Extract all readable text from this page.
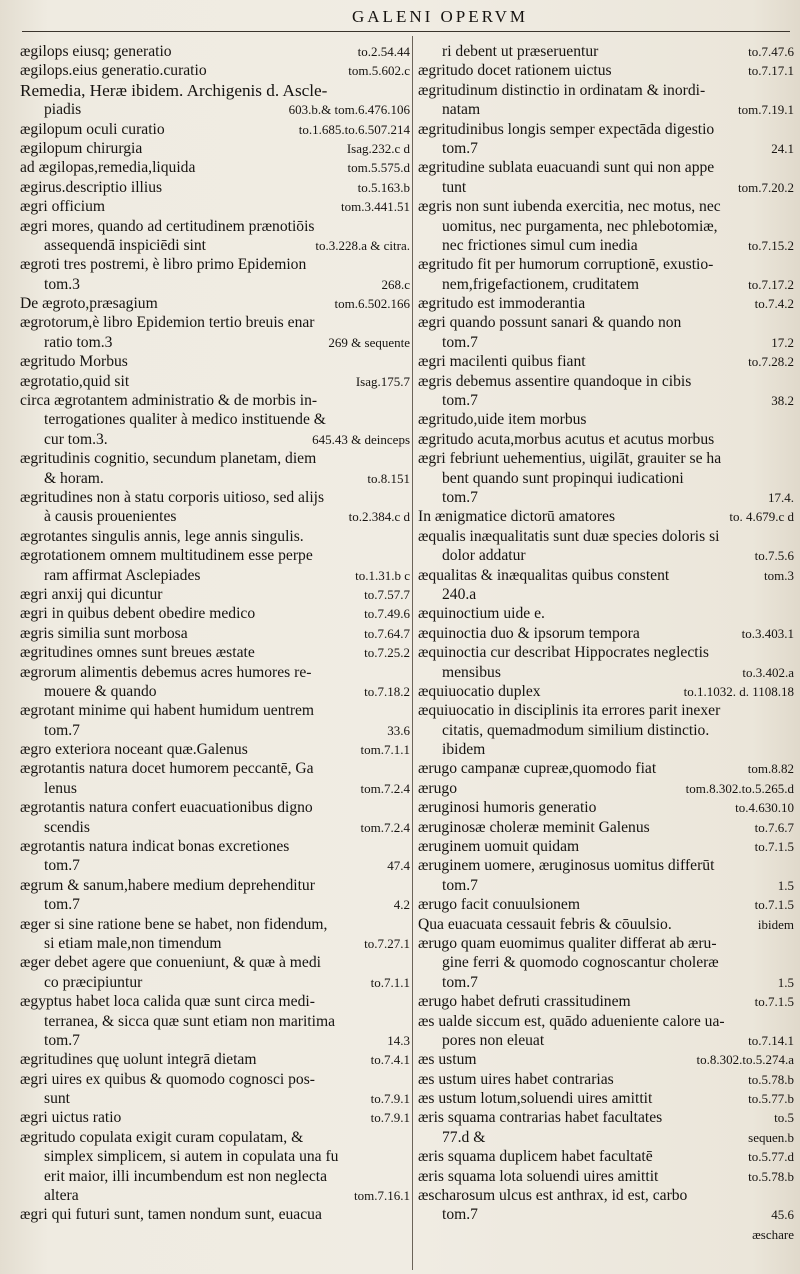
GALENI OPERVM
ægilops eiusq; generatio	to.2.54.44
ægilops.eius generatio.curatio	tom.5.602.c
Remedia, Heræ ibidem. Archigenis d. Ascle-
piadis	603.b.& tom.6.476.106
ægilopum oculi curatio	to.1.685.to.6.507.214
ægilopum chirurgia	Isag.232.c d
ad ægilopas,remedia,liquida	tom.5.575.d
ægirus.descriptio illius	to.5.163.b
ægri officium	tom.3.441.51
ægri mores, quando ad certitudinem prænotiōis
assequendā inspiciēdi sint	to.3.228.a & citra.
ægroti tres postremi, è libro primo Epidemion
tom.3	268.c
De ægroto,præsagium	tom.6.502.166
ægrotorum,è libro Epidemion tertio breuis enar
ratio tom.3	269 & sequente
ægritudo Morbus
ægrotatio,quid sit	Isag.175.7
circa ægrotantem administratio & de morbis in-
terrogationes qualiter à medico instituende &
cur tom.3.	645.43 & deinceps
ægritudinis cognitio, secundum planetam, diem
& horam.	to.8.151
ægritudines non à statu corporis uitioso, sed alijs
à causis prouenientes	to.2.384.c d
ægrotantes singulis annis, lege annis singulis.
ægrotationem omnem multitudinem esse perpe
ram affirmat Asclepiades	to.1.31.b c
ægri anxij qui dicuntur	to.7.57.7
ægri in quibus debent obedire medico	to.7.49.6
ægris similia sunt morbosa	to.7.64.7
ægritudines omnes sunt breues æstate	to.7.25.2
ægrorum alimentis debemus acres humores re-
mouere & quando	to.7.18.2
ægrotant minime qui habent humidum uentrem
tom.7	33.6
ægro exteriora noceant quæ.Galenus	tom.7.1.1
ægrotantis natura docet humorem peccantē, Ga
lenus	tom.7.2.4
ægrotantis natura confert euacuationibus digno
scendis	tom.7.2.4
ægrotantis natura indicat bonas excretiones
tom.7	47.4
ægrum & sanum,habere medium deprehenditur
tom.7	4.2
æger si sine ratione bene se habet, non fidendum,
si etiam male,non timendum	to.7.27.1
æger debet agere que conueniunt, & quæ à medi
co præcipiuntur	to.7.1.1
ægyptus habet loca calida quæ sunt circa medi-
terranea, & sicca quæ sunt etiam non maritima
tom.7	14.3
ægritudines quę uolunt integrā dietam	to.7.4.1
ægri uires ex quibus & quomodo cognosci pos-
sunt	to.7.9.1
ægri uictus ratio	to.7.9.1
ægritudo copulata exigit curam copulatam, &
simplex simplicem, si autem in copulata una fu
erit maior, illi incumbendum est non neglecta
altera	tom.7.16.1
ægri qui futuri sunt, tamen nondum sunt, euacua
ri debent ut præseruentur	to.7.47.6
ægritudo docet rationem uictus	to.7.17.1
ægritudinum distinctio in ordinatam & inordi-
natam	tom.7.19.1
ægritudinibus longis semper expectāda digestio
tom.7	24.1
ægritudine sublata euacuandi sunt qui non appe
tunt	tom.7.20.2
ægris non sunt iubenda exercitia, nec motus, nec
uomitus, nec purgamenta, nec phlebotomiæ,
nec frictiones simul cum inedia	to.7.15.2
ægritudo fit per humorum corruptionē, exustio-
nem,frigefactionem, cruditatem	to.7.17.2
ægritudo est immoderantia	to.7.4.2
ægri quando possunt sanari & quando non
tom.7	17.2
ægri macilenti quibus fiant	to.7.28.2
ægris debemus assentire quandoque in cibis
tom.7	38.2
ægritudo,uide item morbus
ægritudo acuta,morbus acutus et acutus morbus
ægri febriunt uehementius, uigilāt, grauiter se ha
bent quando sunt propinqui iudicationi
tom.7	17.4.
In ænigmatice dictorū amatores	to. 4.679.c d
æqualis inæqualitatis sunt duæ species doloris si
dolor addatur	to.7.5.6
æqualitas & inæqualitas quibus constent	tom.3
240.a
æquinoctium uide e.
æquinoctia duo & ipsorum tempora	to.3.403.1
æquinoctia cur describat Hippocrates neglectis
mensibus	to.3.402.a
æquiuocatio duplex	to.1.1032. d. 1108.18
æquiuocatio in disciplinis ita errores parit inexer
citatis, quemadmodum similium distinctio.
ibidem
ærugo campanæ cupreæ,quomodo fiat	tom.8.82
ærugo	tom.8.302.to.5.265.d
æruginosi humoris generatio	to.4.630.10
æruginosæ choleræ meminit Galenus	to.7.6.7
æruginem uomuit quidam	to.7.1.5
æruginem uomere, æruginosus uomitus differūt
tom.7	1.5
ærugo facit conuulsionem	to.7.1.5
Qua euacuata cessauit febris & cōuulsio.	ibidem
ærugo quam euomimus qualiter differat ab æru-
gine ferri & quomodo cognoscantur choleræ
tom.7	1.5
ærugo habet defruti crassitudinem	to.7.1.5
æs ualde siccum est, quādo adueniente calore ua-
pores non eleuat	to.7.14.1
æs ustum	to.8.302.to.5.274.a
æs ustum uires habet contrarias	to.5.78.b
æs ustum lotum,soluendi uires amittit	to.5.77.b
æris squama contrarias habet facultates	to.5
77.d &	sequen.b
æris squama duplicem habet facultatē	to.5.77.d
æris squama lota soluendi uires amittit	to.5.78.b
æscharosum ulcus est anthrax, id est, carbo
tom.7	45.6
æschare
